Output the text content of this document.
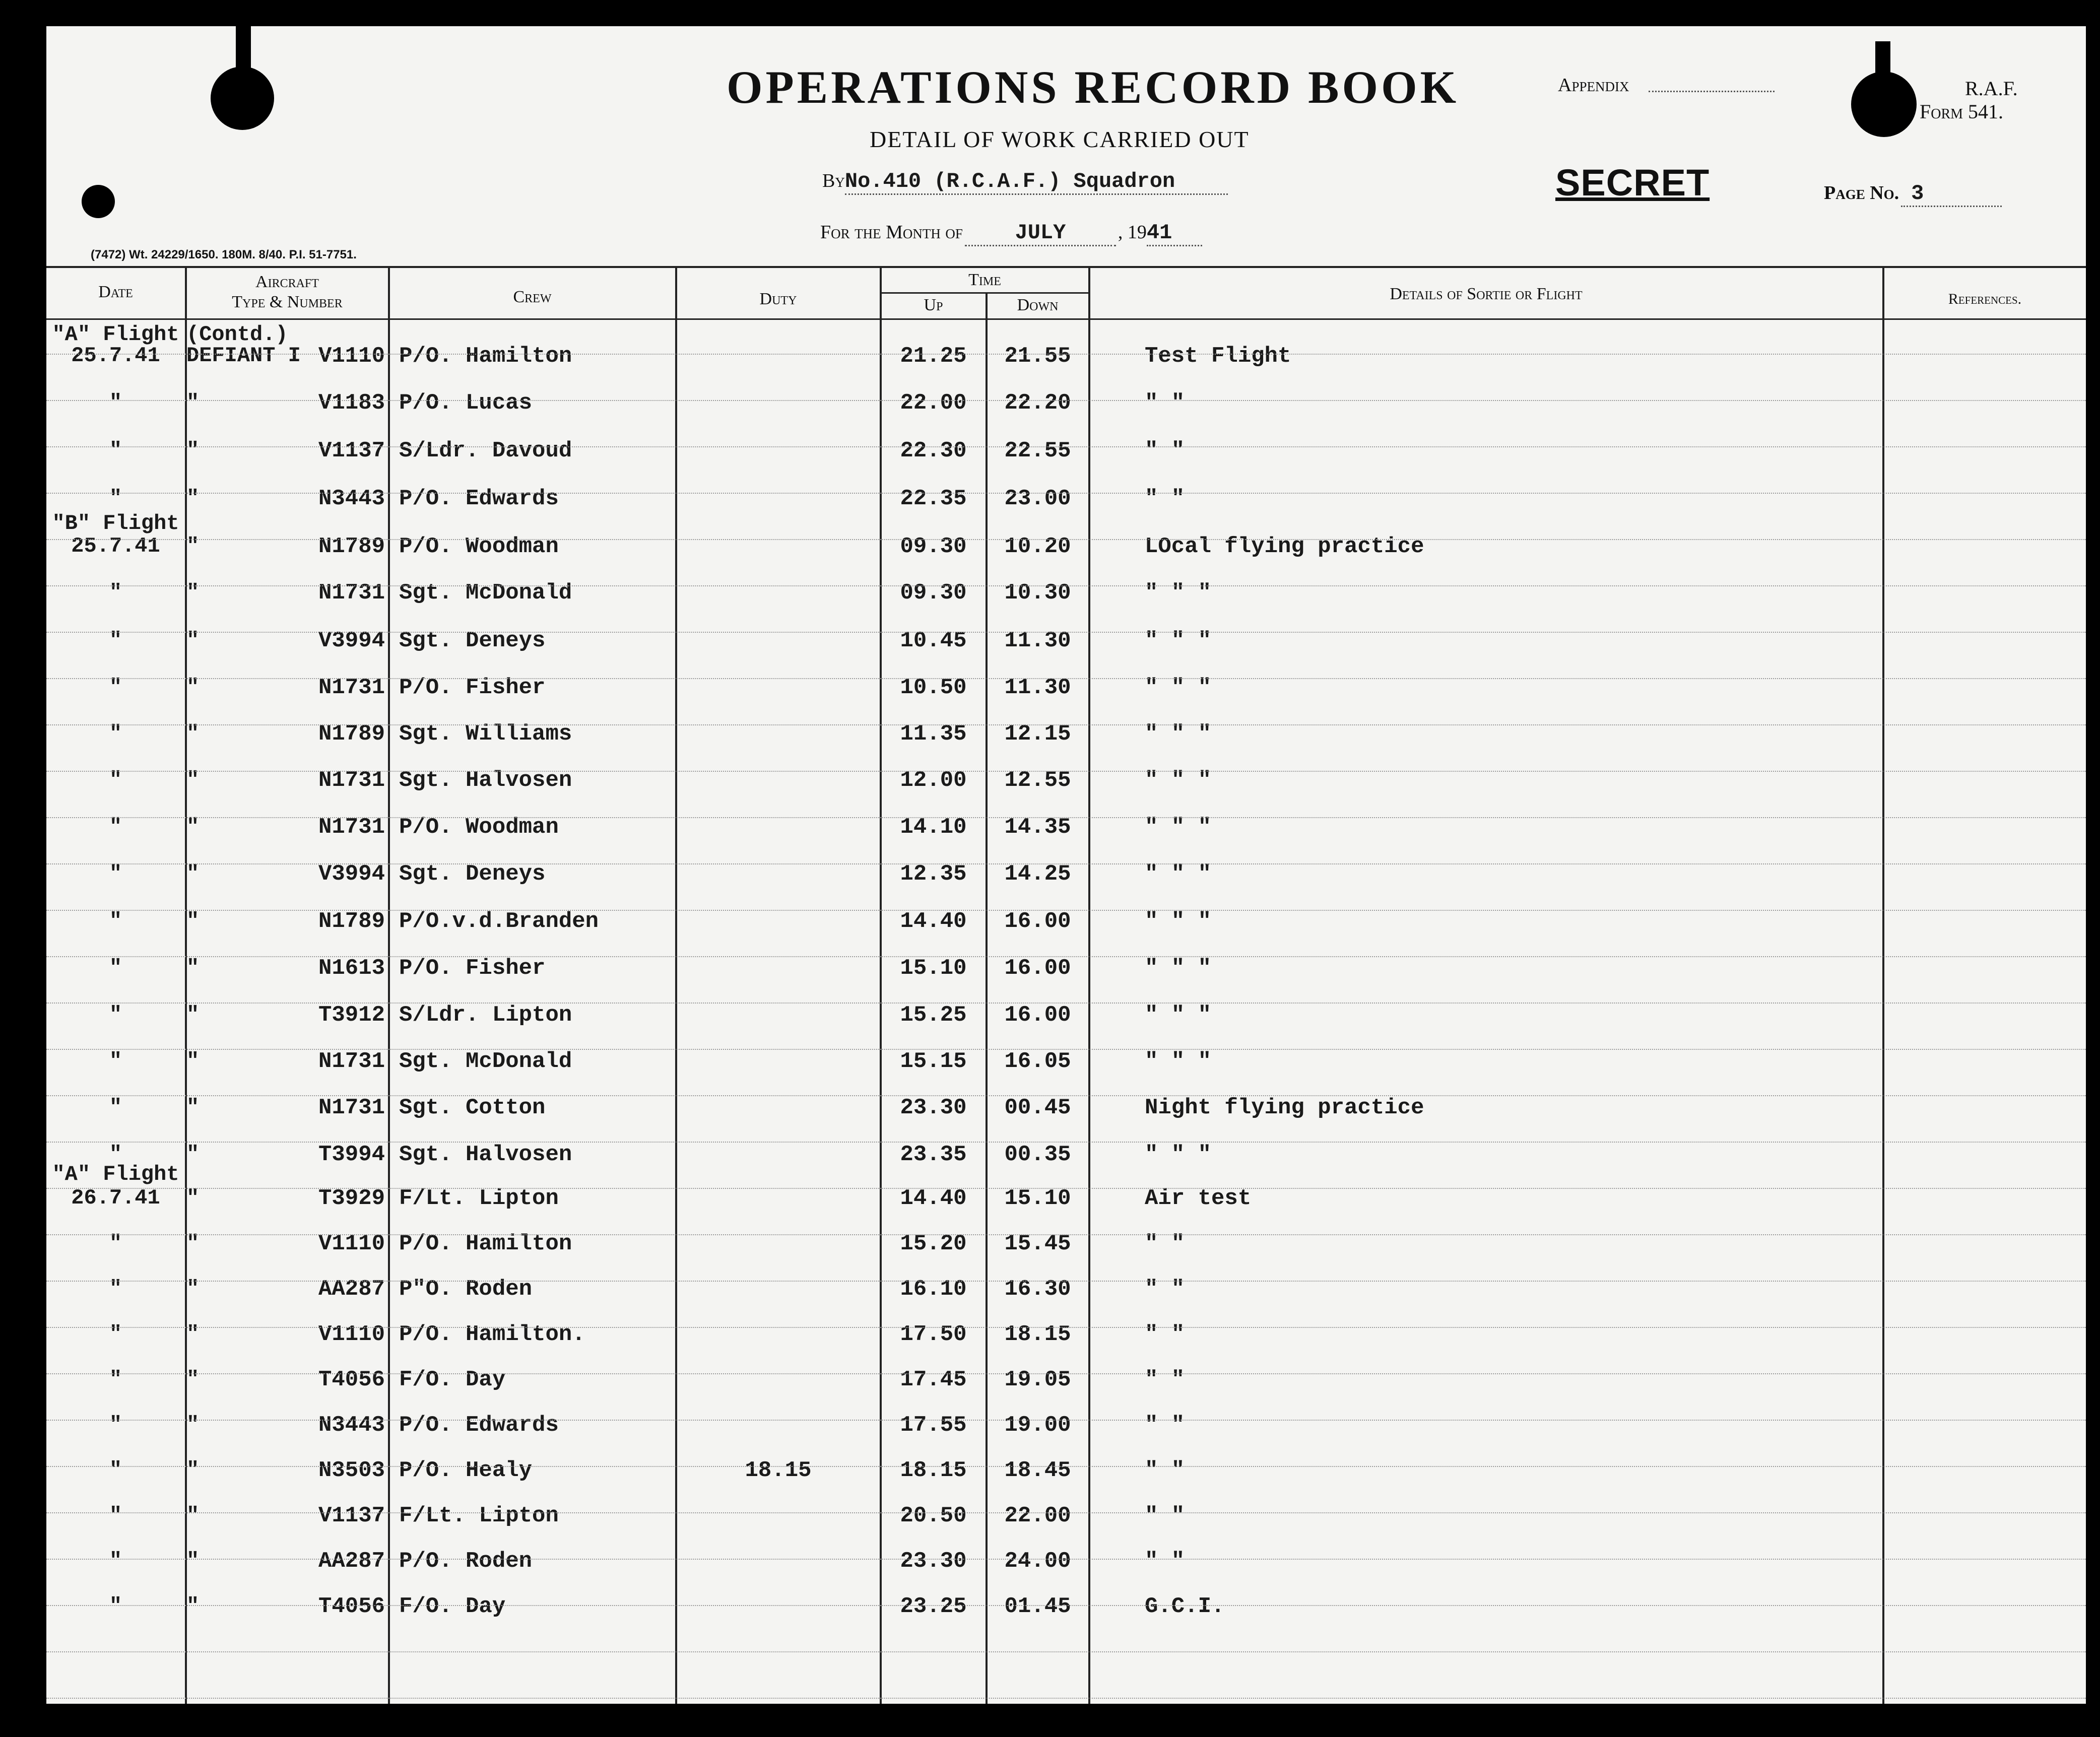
OPERATIONS RECORD BOOK
DETAIL OF WORK CARRIED OUT
Appendix	R.A.F.
Form 541.
ByNo.410 (R.C.A.F.) Squadron	SECRET	Page No. 3
For the Month of JULY	, 1941
(7472) Wt. 24229/1650. 180M. 8/40. P.I. 51-7751.
Date
Aircraft
Type & Number	Crew	Duty
Time
Up	Down
Details of Sortie or Flight	References.
"A" Flight (Contd.)
25.7.41	DEFIANT I V1110 P/O. Hamilton	21.25	21.55	Test Flight
"	"	V1183 P/O. Lucas	22.00	22.20	" "
"	"	V1137 S/Ldr. Davoud	22.30	22.55	" "
"	"	N3443 P/O. Edwards	22.35	23.00	" "
"B" Flight
25.7.41	"	N1789 P/O. Woodman	09.30	10.20	LOcal flying practice
"	"	N1731 Sgt. McDonald	09.30	10.30	" " "
"	"	V3994 Sgt. Deneys	10.45	11.30	" " "
"	"	N1731 P/O. Fisher	10.50	11.30	" " "
"	"	N1789 Sgt. Williams	11.35	12.15	" " "
"	"	N1731 Sgt. Halvosen	12.00	12.55	" " "
"	"	N1731 P/O. Woodman	14.10	14.35	" " "
"	"	V3994 Sgt. Deneys	12.35	14.25	" " "
"	"	N1789 P/O.v.d.Branden	14.40	16.00	" " "
"	"	N1613 P/O. Fisher	15.10	16.00	" " "
"	"	T3912 S/Ldr. Lipton	15.25	16.00	" " "
"	"	N1731 Sgt. McDonald	15.15	16.05	" " "
"	"	N1731 Sgt. Cotton	23.30	00.45	Night flying practice
"	"	T3994 Sgt. Halvosen	23.35	00.35	" " "
"A" Flight
26.7.41	"	T3929 F/Lt. Lipton	14.40	15.10	Air test
"	"	V1110 P/O. Hamilton	15.20	15.45	" "
"	"	AA287 P"O. Roden	16.10	16.30	" "
"	"	V1110 P/O. Hamilton.	17.50	18.15	" "
"	"	T4056 F/O. Day	17.45	19.05	" "
"	"	N3443 P/O. Edwards	17.55	19.00	" "
"	"	N3503 P/O. Healy	18.15	18.15	18.45	" "
"	"	V1137 F/Lt. Lipton	20.50	22.00	" "
"	"	AA287 P/O. Roden	23.30	24.00	" "
"	"	T4056 F/O. Day	23.25	01.45	G.C.I.
